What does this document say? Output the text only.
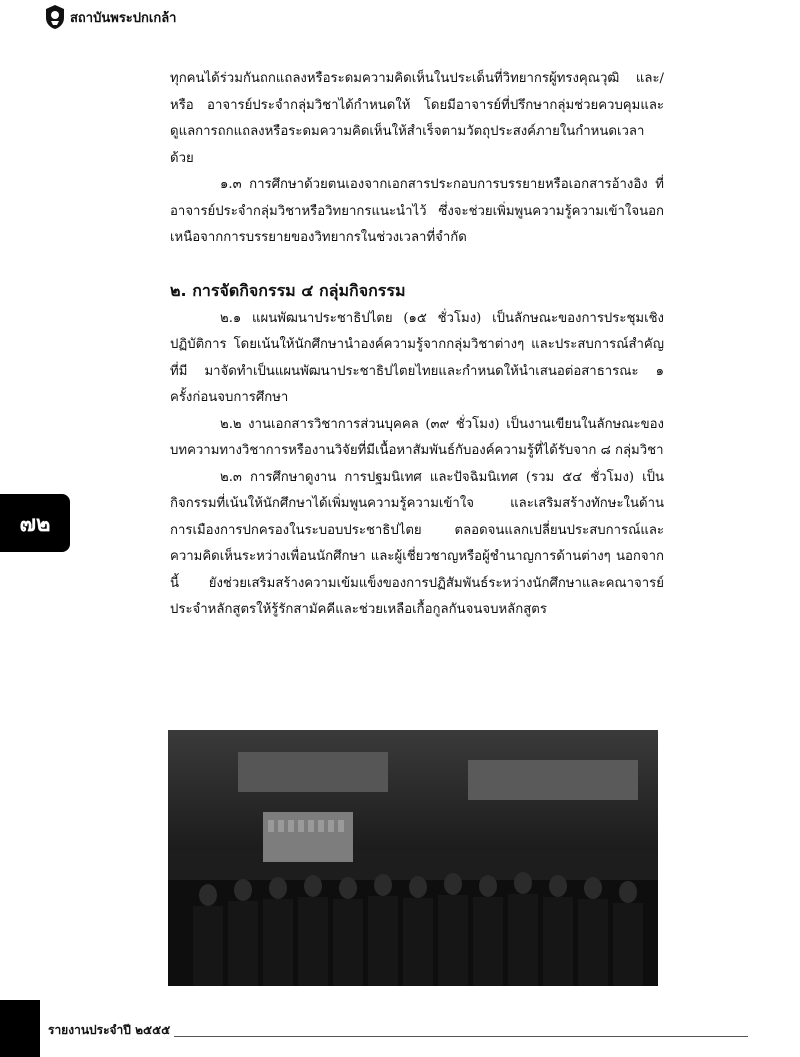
สถาบันพระปกเกล้า
๗๒

ทุกคนได้ร่วมกันถกแถลงหรือระดมความคิดเห็นในประเด็นที่วิทยากรผู้ทรงคุณวุฒิ และ/หรือ อาจารย์ประจำกลุ่มวิชาได้กำหนดให้ โดยมีอาจารย์ที่ปรึกษากลุ่มช่วยควบคุมและดูแลการถกแถลงหรือระดมความคิดเห็นให้สำเร็จตามวัตถุประสงค์ภายในกำหนดเวลาด้วย

๑.๓ การศึกษาด้วยตนเองจากเอกสารประกอบการบรรยายหรือเอกสารอ้างอิง ที่อาจารย์ประจำกลุ่มวิชาหรือวิทยากรแนะนำไว้ ซึ่งจะช่วยเพิ่มพูนความรู้ความเข้าใจนอกเหนือจากการบรรยายของวิทยากรในช่วงเวลาที่จำกัด

๒. การจัดกิจกรรม ๔ กลุ่มกิจกรรม

๒.๑ แผนพัฒนาประชาธิปไตย (๑๕ ชั่วโมง) เป็นลักษณะของการประชุมเชิงปฏิบัติการ โดยเน้นให้นักศึกษานำองค์ความรู้จากกลุ่มวิชาต่างๆ และประสบการณ์สำคัญที่มี มาจัดทำเป็นแผนพัฒนาประชาธิปไตยไทยและกำหนดให้นำเสนอต่อสาธารณะ ๑ ครั้งก่อนจบการศึกษา

๒.๒ งานเอกสารวิชาการส่วนบุคคล (๓๙ ชั่วโมง) เป็นงานเขียนในลักษณะของบทความทางวิชาการหรืองานวิจัยที่มีเนื้อหาสัมพันธ์กับองค์ความรู้ที่ได้รับจาก ๘ กลุ่มวิชา

๒.๓ การศึกษาดูงาน การปฐมนิเทศ และปัจฉิมนิเทศ (รวม ๕๔ ชั่วโมง) เป็นกิจกรรมที่เน้นให้นักศึกษาได้เพิ่มพูนความรู้ความเข้าใจ และเสริมสร้างทักษะในด้านการเมืองการปกครองในระบอบประชาธิปไตย ตลอดจนแลกเปลี่ยนประสบการณ์และความคิดเห็นระหว่างเพื่อนนักศึกษา และผู้เชี่ยวชาญหรือผู้ชำนาญการด้านต่างๆ นอกจากนี้ ยังช่วยเสริมสร้างความเข้มแข็งของการปฏิสัมพันธ์ระหว่างนักศึกษาและคณาจารย์ประจำหลักสูตรให้รู้รักสามัคคีและช่วยเหลือเกื้อกูลกันจนจบหลักสูตร

รายงานประจำปี ๒๕๕๕
